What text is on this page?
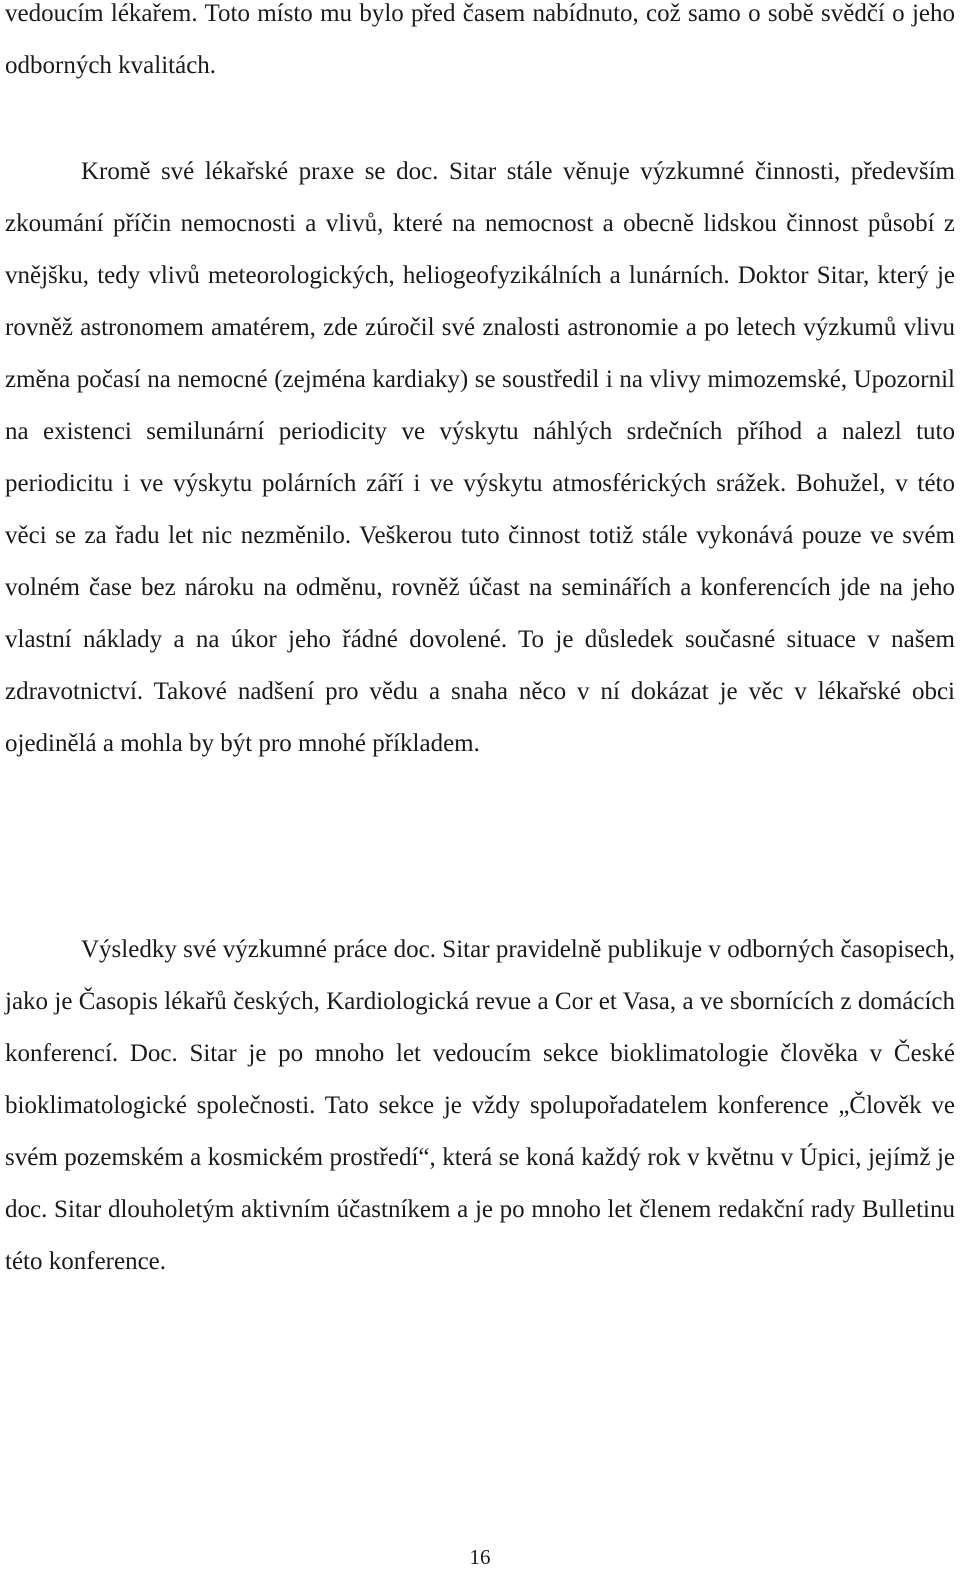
vedoucím lékařem. Toto místo mu bylo před časem nabídnuto, což samo o sobě svědčí o jeho odborných kvalitách.

Kromě své lékařské praxe se doc. Sitar stále věnuje výzkumné činnosti, především zkoumání příčin nemocnosti a vlivů, které na nemocnost a obecně lidskou činnost působí z vnějšku, tedy vlivů meteorologických, heliogeofyzikálních a lunárních. Doktor Sitar, který je rovněž astronomem amatérem, zde zúročil své znalosti astronomie a po letech výzkumů vlivu změna počasí na nemocné (zejména kardiaky) se soustředil i na vlivy mimozemské, Upozornil na existenci semilunární periodicity ve výskytu náhlých srdečních příhod a nalezl tuto periodicitu i ve výskytu polárních září i ve výskytu atmosférických srážek. Bohužel, v této věci se za řadu let nic nezměnilo. Veškerou tuto činnost totiž stále vykonává pouze ve svém volném čase bez nároku na odměnu, rovněž účast na seminářích a konferencích jde na jeho vlastní náklady a na úkor jeho řádné dovolené. To je důsledek současné situace v našem zdravotnictví. Takové nadšení pro vědu a snaha něco v ní dokázat je věc v lékařské obci ojedinělá a mohla by být pro mnohé příkladem.

Výsledky své výzkumné práce doc. Sitar pravidelně publikuje v odborných časopisech, jako je Časopis lékařů českých, Kardiologická revue a Cor et Vasa, a ve sbornících z domácích konferencí. Doc. Sitar je po mnoho let vedoucím sekce bioklimatologie člověka v České bioklimatologické společnosti. Tato sekce je vždy spolupořadatelem konference „Člověk ve svém pozemském a kosmickém prostředí“, která se koná každý rok v květnu v Úpici, jejímž je doc. Sitar dlouholetým aktivním účastníkem a je po mnoho let členem redakční rady Bulletinu této konference.

16
